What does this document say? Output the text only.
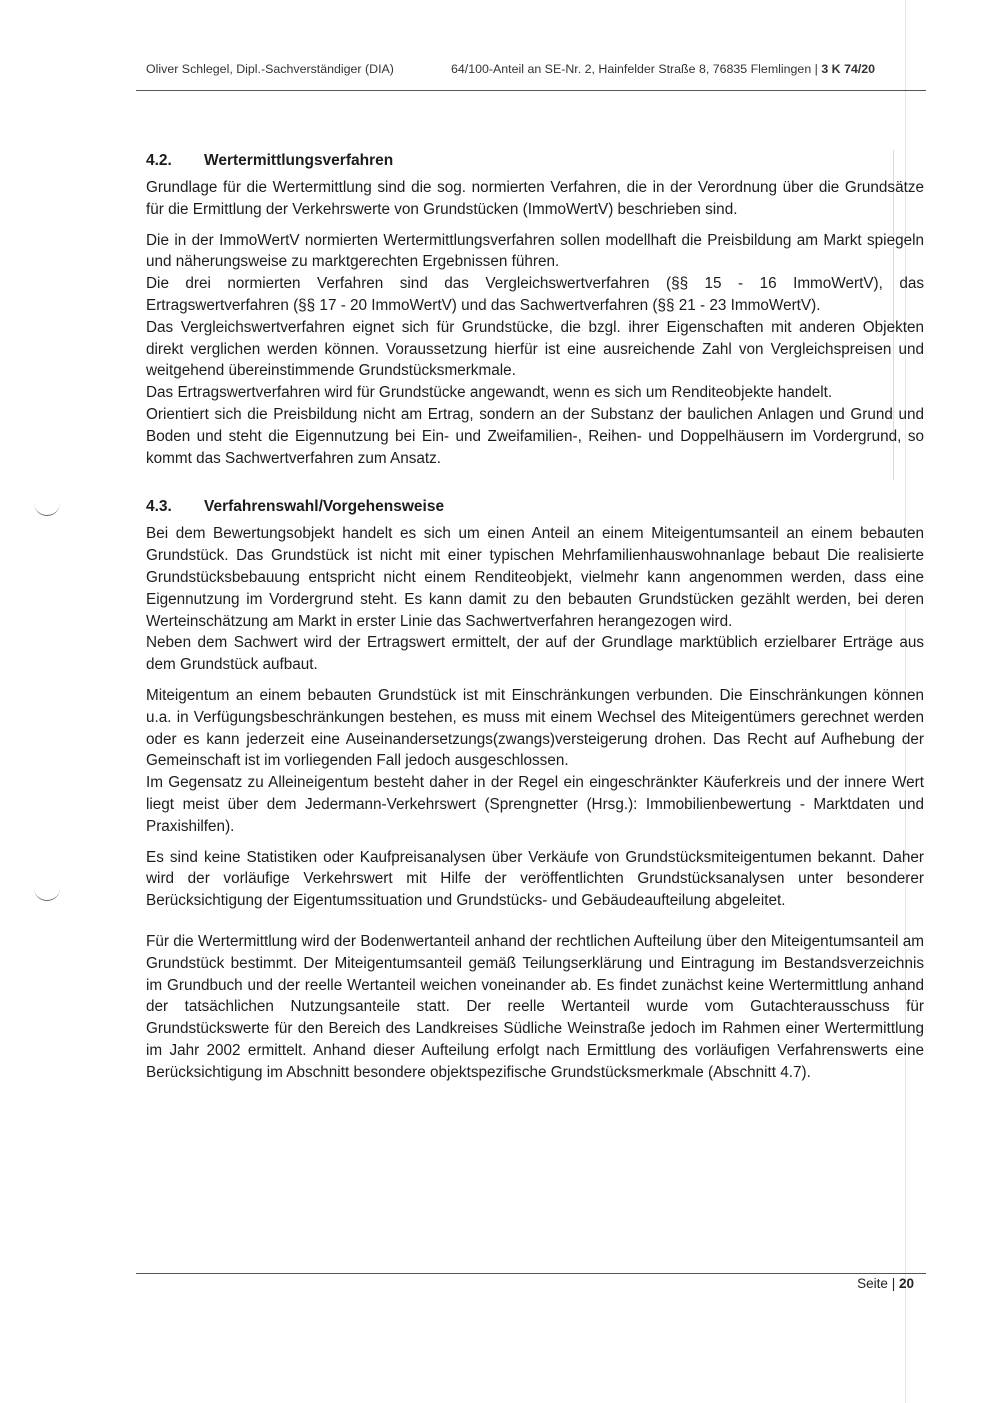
Oliver Schlegel, Dipl.-Sachverständiger (DIA)	64/100-Anteil an SE-Nr. 2, Hainfelder Straße 8, 76835 Flemlingen | 3 K 74/20
4.2. Wertermittlungsverfahren

Grundlage für die Wertermittlung sind die sog. normierten Verfahren, die in der Verordnung über die Grundsätze für die Ermittlung der Verkehrswerte von Grundstücken (ImmoWertV) beschrieben sind.

Die in der ImmoWertV normierten Wertermittlungsverfahren sollen modellhaft die Preisbildung am Markt spiegeln und näherungsweise zu marktgerechten Ergebnissen führen.

Die drei normierten Verfahren sind das Vergleichswertverfahren (§§ 15 - 16 ImmoWertV), das Ertragswertverfahren (§§ 17 - 20 ImmoWertV) und das Sachwertverfahren (§§ 21 - 23 ImmoWertV).

Das Vergleichswertverfahren eignet sich für Grundstücke, die bzgl. ihrer Eigenschaften mit anderen Objekten direkt verglichen werden können. Voraussetzung hierfür ist eine ausreichende Zahl von Vergleichspreisen und weitgehend übereinstimmende Grundstücksmerkmale.

Das Ertragswertverfahren wird für Grundstücke angewandt, wenn es sich um Renditeobjekte handelt.

Orientiert sich die Preisbildung nicht am Ertrag, sondern an der Substanz der baulichen Anlagen und Grund und Boden und steht die Eigennutzung bei Ein- und Zweifamilien-, Reihen- und Doppelhäusern im Vordergrund, so kommt das Sachwertverfahren zum Ansatz.

4.3. Verfahrenswahl/Vorgehensweise

Bei dem Bewertungsobjekt handelt es sich um einen Anteil an einem Miteigentumsanteil an einem bebauten Grundstück. Das Grundstück ist nicht mit einer typischen Mehrfamilienhauswohnanlage bebaut Die realisierte Grundstücksbebauung entspricht nicht einem Renditeobjekt, vielmehr kann angenommen werden, dass eine Eigennutzung im Vordergrund steht. Es kann damit zu den bebauten Grundstücken gezählt werden, bei deren Werteinschätzung am Markt in erster Linie das Sachwertverfahren herangezogen wird.

Neben dem Sachwert wird der Ertragswert ermittelt, der auf der Grundlage marktüblich erzielbarer Erträge aus dem Grundstück aufbaut.

Miteigentum an einem bebauten Grundstück ist mit Einschränkungen verbunden. Die Einschränkungen können u.a. in Verfügungsbeschränkungen bestehen, es muss mit einem Wechsel des Miteigentümers gerechnet werden oder es kann jederzeit eine Auseinandersetzungs(zwangs)versteigerung drohen. Das Recht auf Aufhebung der Gemeinschaft ist im vorliegenden Fall jedoch ausgeschlossen.

Im Gegensatz zu Alleineigentum besteht daher in der Regel ein eingeschränkter Käuferkreis und der innere Wert liegt meist über dem Jedermann-Verkehrswert (Sprengnetter (Hrsg.): Immobilienbewertung - Marktdaten und Praxishilfen).

Es sind keine Statistiken oder Kaufpreisanalysen über Verkäufe von Grundstücksmiteigentumen bekannt. Daher wird der vorläufige Verkehrswert mit Hilfe der veröffentlichten Grundstücksanalysen unter besonderer Berücksichtigung der Eigentumssituation und Grundstücks- und Gebäudeaufteilung abgeleitet.

Für die Wertermittlung wird der Bodenwertanteil anhand der rechtlichen Aufteilung über den Miteigentumsanteil am Grundstück bestimmt. Der Miteigentumsanteil gemäß Teilungserklärung und Eintragung im Bestandsverzeichnis im Grundbuch und der reelle Wertanteil weichen voneinander ab. Es findet zunächst keine Wertermittlung anhand der tatsächlichen Nutzungsanteile statt. Der reelle Wertanteil wurde vom Gutachterausschuss für Grundstückswerte für den Bereich des Landkreises Südliche Weinstraße jedoch im Rahmen einer Wertermittlung im Jahr 2002 ermittelt. Anhand dieser Aufteilung erfolgt nach Ermittlung des vorläufigen Verfahrenswerts eine Berücksichtigung im Abschnitt besondere objektspezifische Grundstücksmerkmale (Abschnitt 4.7).

Seite | 20
